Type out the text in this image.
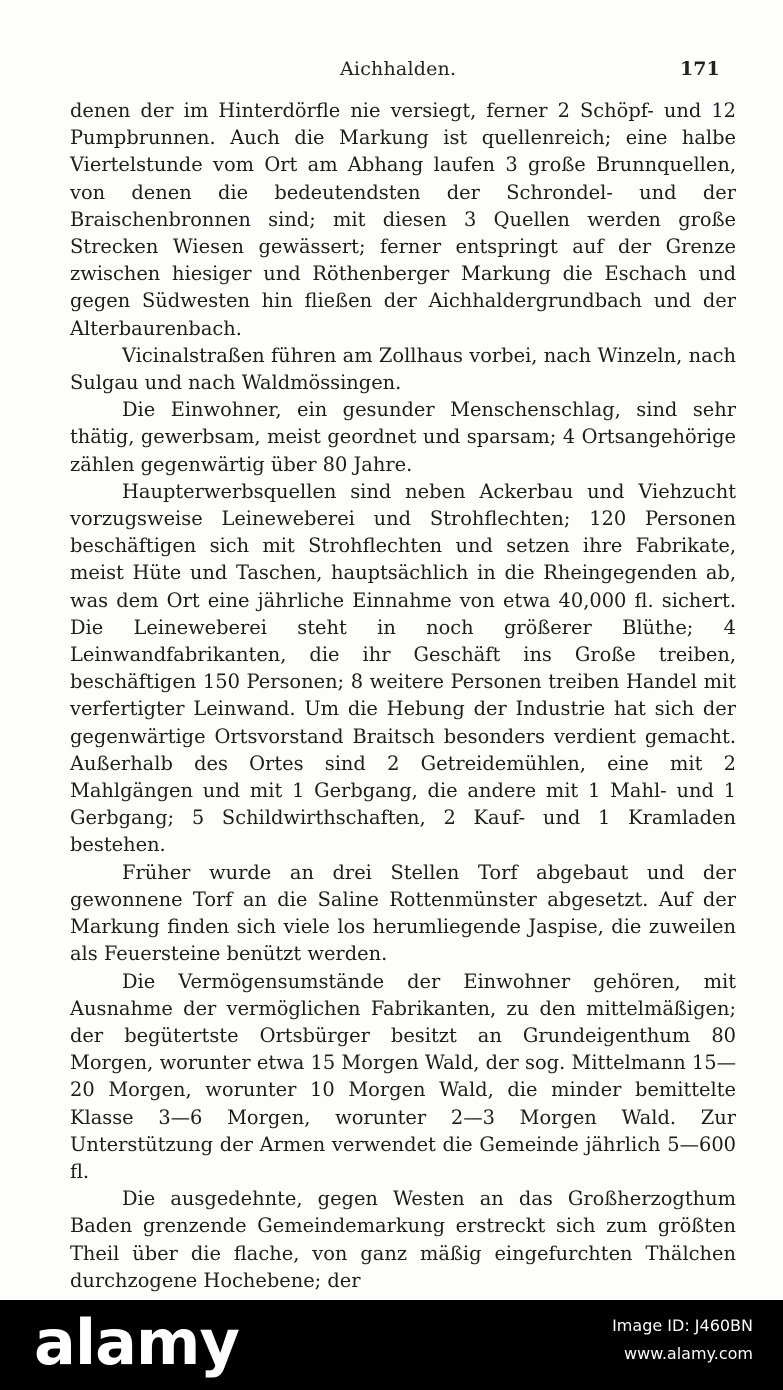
Aichhalden.	171

denen der im Hinterdörfle nie versiegt, ferner 2 Schöpf- und 12 Pumpbrunnen. Auch die Markung ist quellenreich; eine halbe Viertelstunde vom Ort am Abhang laufen 3 große Brunnquellen, von denen die bedeutendsten der Schrondel- und der Braischenbronnen sind; mit diesen 3 Quellen werden große Strecken Wiesen gewässert; ferner entspringt auf der Grenze zwischen hiesiger und Röthenberger Markung die Eschach und gegen Südwesten hin fließen der Aichhaldergrundbach und der Alterbaurenbach.

Vicinalstraßen führen am Zollhaus vorbei, nach Winzeln, nach Sulgau und nach Waldmössingen.

Die Einwohner, ein gesunder Menschenschlag, sind sehr thätig, gewerbsam, meist geordnet und sparsam; 4 Ortsangehörige zählen gegenwärtig über 80 Jahre.

Haupterwerbsquellen sind neben Ackerbau und Viehzucht vorzugsweise Leineweberei und Strohflechten; 120 Personen beschäftigen sich mit Strohflechten und setzen ihre Fabrikate, meist Hüte und Taschen, hauptsächlich in die Rheingegenden ab, was dem Ort eine jährliche Einnahme von etwa 40,000 fl. sichert. Die Leineweberei steht in noch größerer Blüthe; 4 Leinwandfabrikanten, die ihr Geschäft ins Große treiben, beschäftigen 150 Personen; 8 weitere Personen treiben Handel mit verfertigter Leinwand. Um die Hebung der Industrie hat sich der gegenwärtige Ortsvorstand Braitsch besonders verdient gemacht. Außerhalb des Ortes sind 2 Getreidemühlen, eine mit 2 Mahlgängen und mit 1 Gerbgang, die andere mit 1 Mahl- und 1 Gerbgang; 5 Schildwirthschaften, 2 Kauf- und 1 Kramladen bestehen.

Früher wurde an drei Stellen Torf abgebaut und der gewonnene Torf an die Saline Rottenmünster abgesetzt. Auf der Markung finden sich viele los herumliegende Jaspise, die zuweilen als Feuersteine benützt werden.

Die Vermögensumstände der Einwohner gehören, mit Ausnahme der vermöglichen Fabrikanten, zu den mittelmäßigen; der begütertste Ortsbürger besitzt an Grundeigenthum 80 Morgen, worunter etwa 15 Morgen Wald, der sog. Mittelmann 15—20 Morgen, worunter 10 Morgen Wald, die minder bemittelte Klasse 3—6 Morgen, worunter 2—3 Morgen Wald. Zur Unterstützung der Armen verwendet die Gemeinde jährlich 5—600 fl.

Die ausgedehnte, gegen Westen an das Großherzogthum Baden grenzende Gemeindemarkung erstreckt sich zum größten Theil über die flache, von ganz mäßig eingefurchten Thälchen durchzogene Hochebene; der

alamy	Image ID: J460BN
www.alamy.com
